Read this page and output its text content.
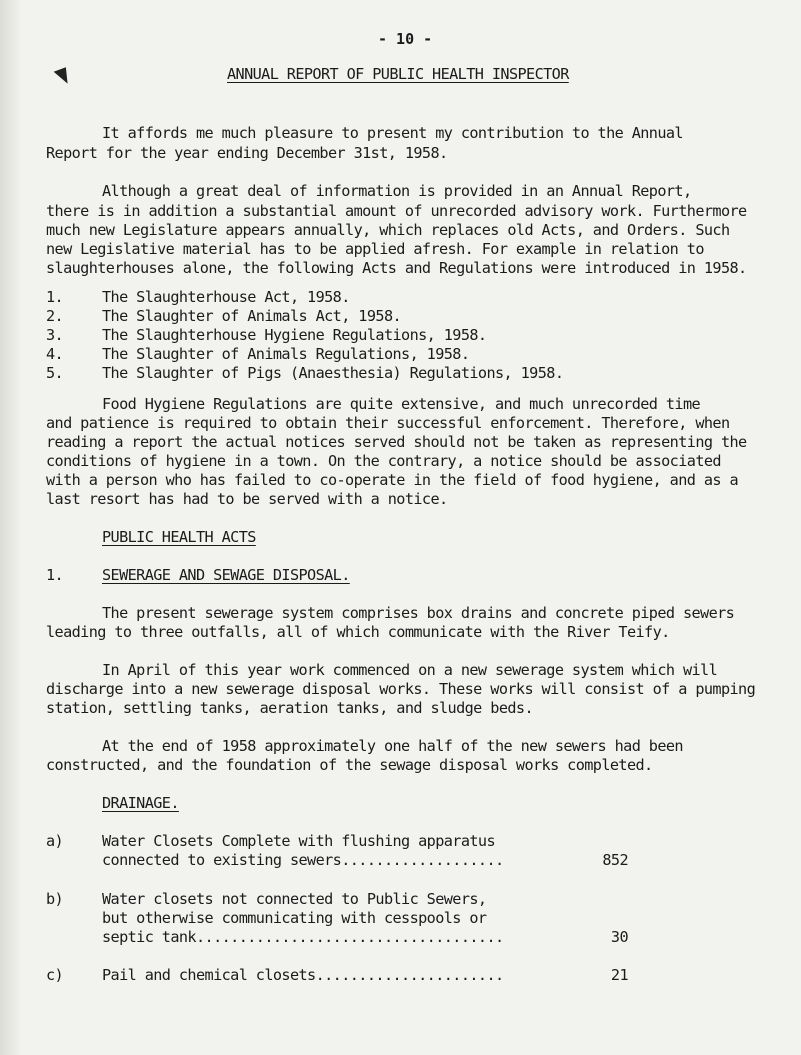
- 10 -
ANNUAL REPORT OF PUBLIC HEALTH INSPECTOR
It affords me much pleasure to present my contribution to the Annual
Report for the year ending December 31st, 1958.
Although a great deal of information is provided in an Annual Report,
there is in addition a substantial amount of unrecorded advisory work. Furthermore
much new Legislature appears annually, which replaces old Acts, and Orders. Such
new Legislative material has to be applied afresh. For example in relation to
slaughterhouses alone, the following Acts and Regulations were introduced in 1958.
1.	The Slaughterhouse Act, 1958.
2.	The Slaughter of Animals Act, 1958.
3.	The Slaughterhouse Hygiene Regulations, 1958.
4.	The Slaughter of Animals Regulations, 1958.
5.	The Slaughter of Pigs (Anaesthesia) Regulations, 1958.
Food Hygiene Regulations are quite extensive, and much unrecorded time
and patience is required to obtain their successful enforcement. Therefore, when
reading a report the actual notices served should not be taken as representing the
conditions of hygiene in a town. On the contrary, a notice should be associated
with a person who has failed to co-operate in the field of food hygiene, and as a
last resort has had to be served with a notice.
PUBLIC HEALTH ACTS
1.	SEWERAGE AND SEWAGE DISPOSAL.
The present sewerage system comprises box drains and concrete piped sewers
leading to three outfalls, all of which communicate with the River Teify.
In April of this year work commenced on a new sewerage system which will
discharge into a new sewerage disposal works. These works will consist of a pumping
station, settling tanks, aeration tanks, and sludge beds.
At the end of 1958 approximately one half of the new sewers had been
constructed, and the foundation of the sewage disposal works completed.
DRAINAGE.
a)	Water Closets Complete with flushing apparatus
connected to existing sewers...................	852
b)	Water closets not connected to Public Sewers,
but otherwise communicating with cesspools or
septic tank....................................	30
c)	Pail and chemical closets......................	21
